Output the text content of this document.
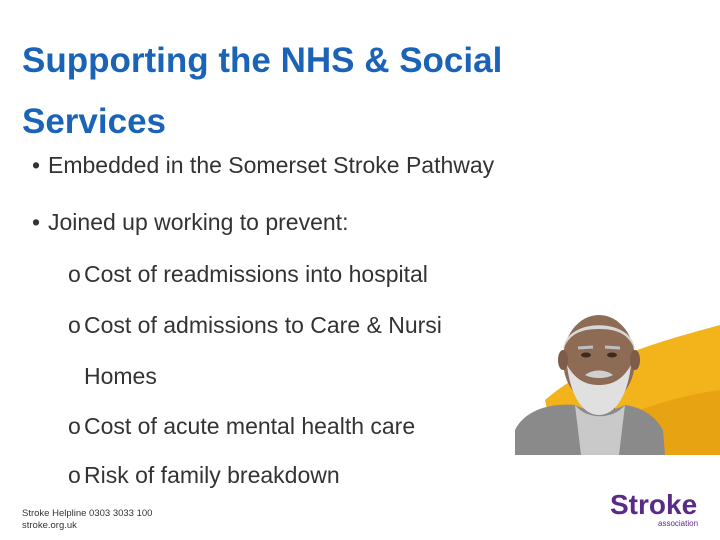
Supporting the NHS & Social Services
• Embedded in the Somerset Stroke Pathway
• Joined up working to prevent:
o Cost of readmissions into hospital
o Cost of admissions to Care & Nursi
Homes
o Cost of acute mental health care
o Risk of family breakdown
Stroke Helpline 0303 3033 100
stroke.org.uk
Stroke
association
